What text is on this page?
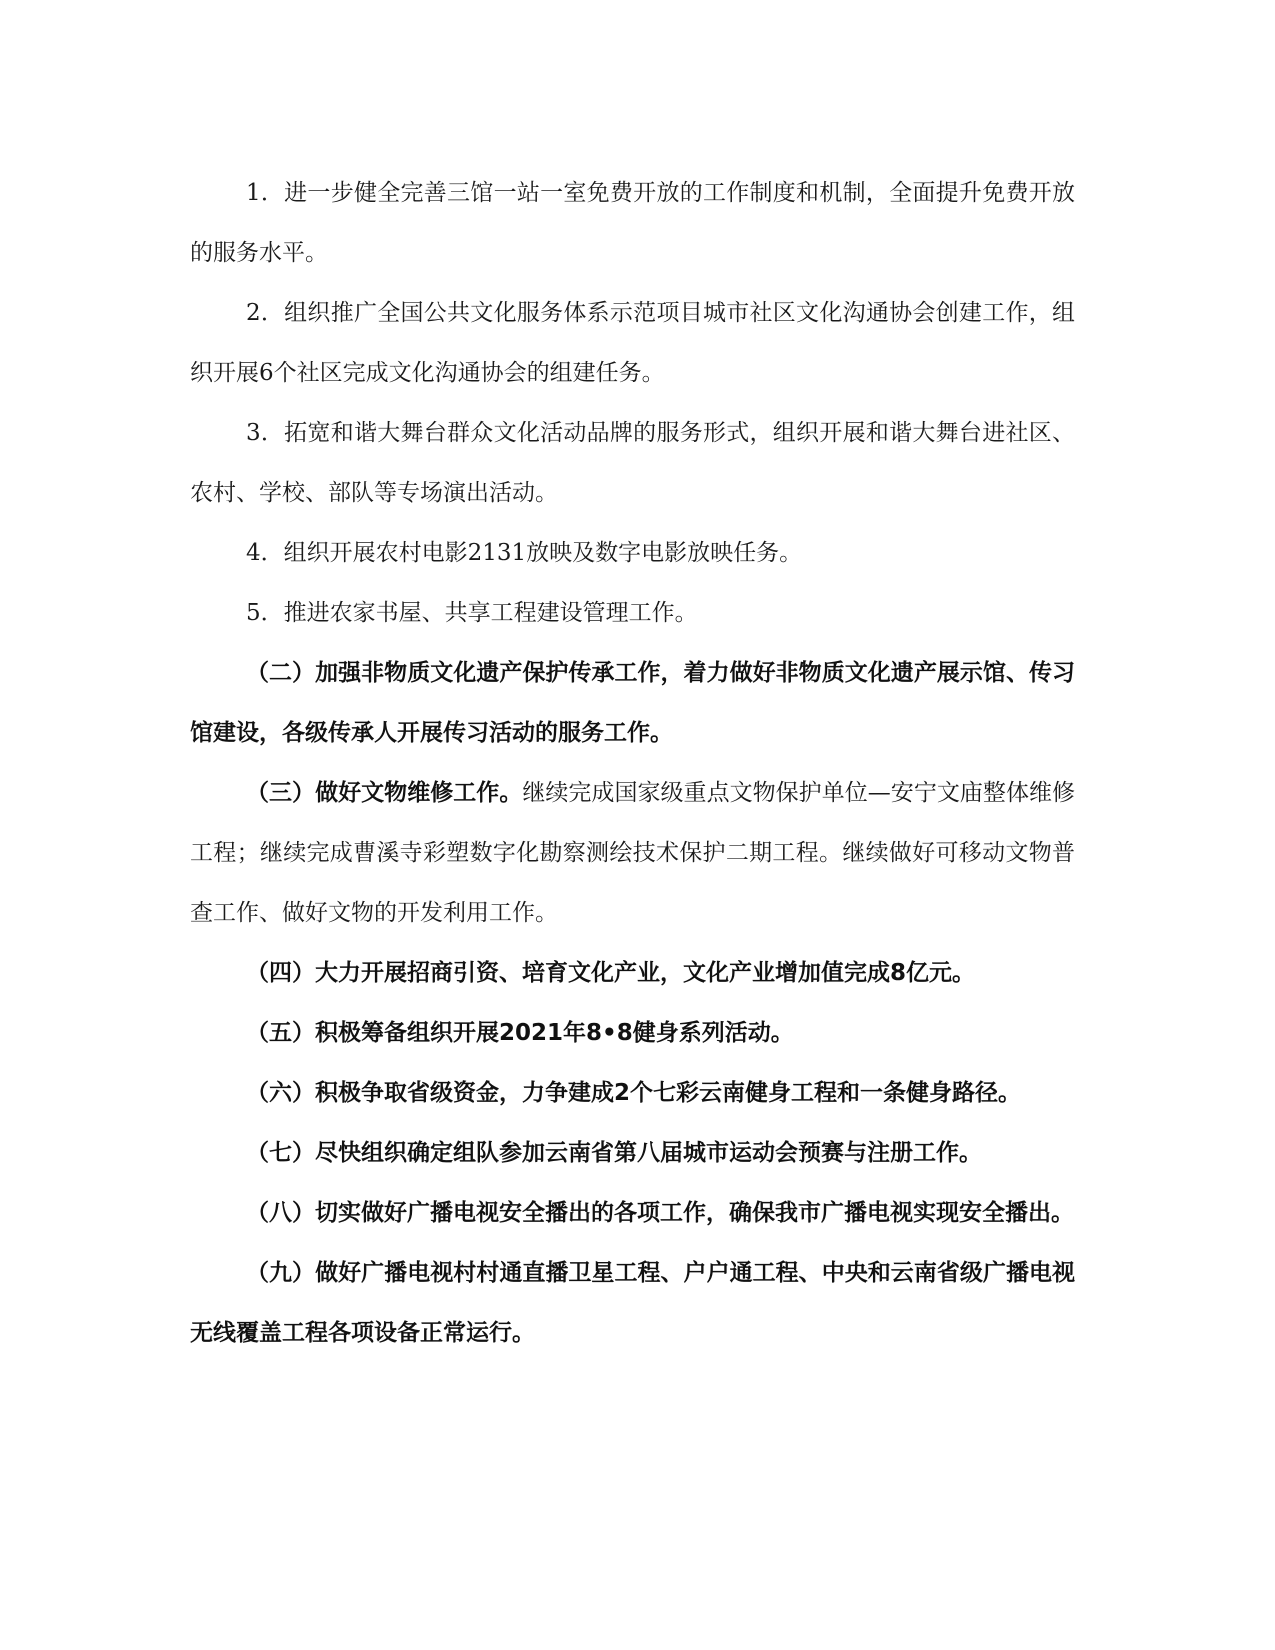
1．进一步健全完善三馆一站一室免费开放的工作制度和机制，全面提升免费开放的服务水平。

2．组织推广全国公共文化服务体系示范项目城市社区文化沟通协会创建工作，组织开展6个社区完成文化沟通协会的组建任务。

3．拓宽和谐大舞台群众文化活动品牌的服务形式，组织开展和谐大舞台进社区、农村、学校、部队等专场演出活动。

4．组织开展农村电影2131放映及数字电影放映任务。

5．推进农家书屋、共享工程建设管理工作。

（二）加强非物质文化遗产保护传承工作，着力做好非物质文化遗产展示馆、传习馆建设，各级传承人开展传习活动的服务工作。

（三）做好文物维修工作。继续完成国家级重点文物保护单位—安宁文庙整体维修工程；继续完成曹溪寺彩塑数字化勘察测绘技术保护二期工程。继续做好可移动文物普查工作、做好文物的开发利用工作。

（四）大力开展招商引资、培育文化产业，文化产业增加值完成8亿元。

（五）积极筹备组织开展2021年8•8健身系列活动。

（六）积极争取省级资金，力争建成2个七彩云南健身工程和一条健身路径。

（七）尽快组织确定组队参加云南省第八届城市运动会预赛与注册工作。

（八）切实做好广播电视安全播出的各项工作，确保我市广播电视实现安全播出。

（九）做好广播电视村村通直播卫星工程、户户通工程、中央和云南省级广播电视无线覆盖工程各项设备正常运行。
